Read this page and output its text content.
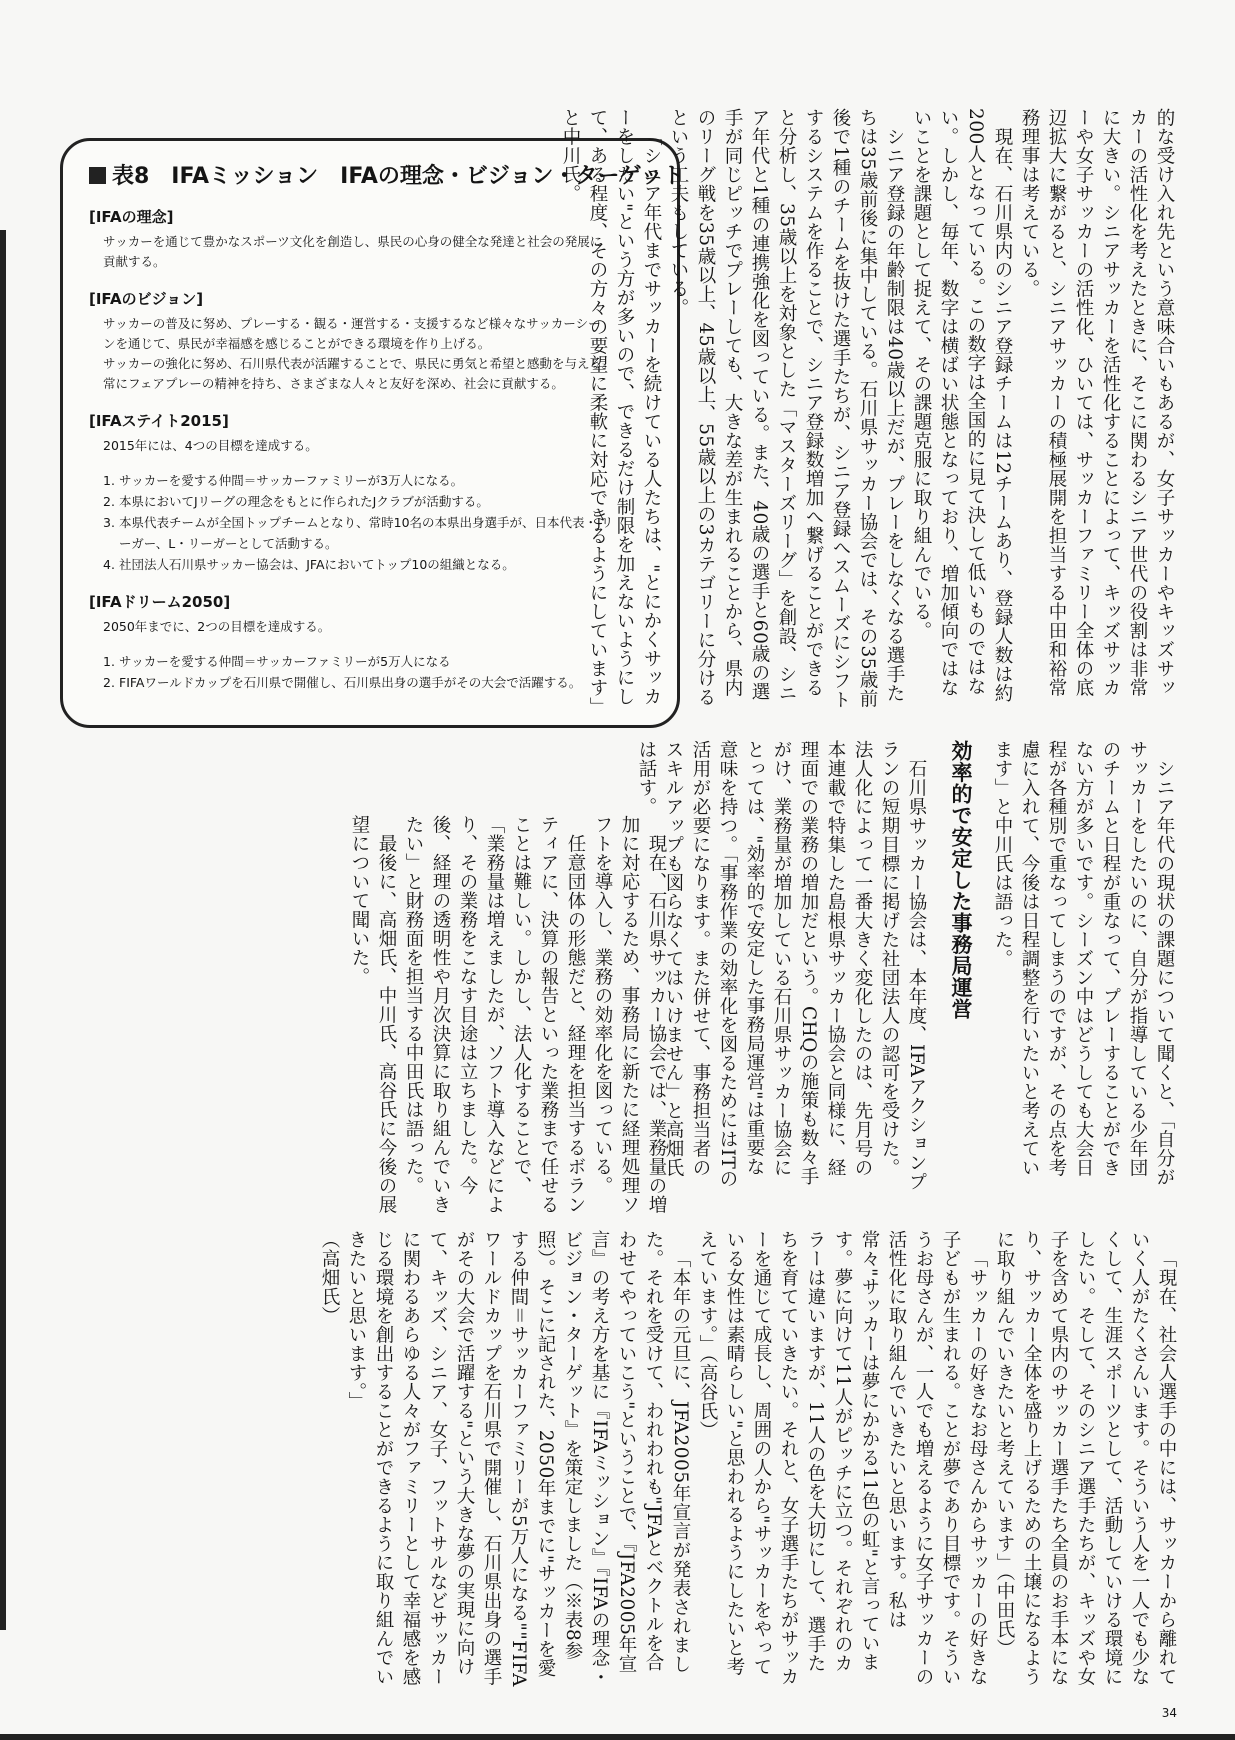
表8　IFAミッション　IFAの理念・ビジョン・ターゲット
[IFAの理念]
サッカーを通じて豊かなスポーツ文化を創造し、県民の心身の健全な発達と社会の発展に
貢献する。
[IFAのビジョン]
サッカーの普及に努め、プレーする・観る・運営する・支援するなど様々なサッカーシー
ンを通じて、県民が幸福感を感じることができる環境を作り上げる。
サッカーの強化に努め、石川県代表が活躍することで、県民に勇気と希望と感動を与える。
常にフェアプレーの精神を持ち、さまざまな人々と友好を深め、社会に貢献する。
[IFAステイト2015]
2015年には、4つの目標を達成する。
1. サッカーを愛する仲間＝サッカーファミリーが3万人になる。
2. 本県においてJリーグの理念をもとに作られたJクラブが活動する。
3. 本県代表チームが全国トップチームとなり、常時10名の本県出身選手が、日本代表・Jリ
ーガー、L・リーガーとして活動する。
4. 社団法人石川県サッカー協会は、JFAにおいてトップ10の組織となる。
[IFAドリーム2050]
2050年までに、2つの目標を達成する。
1. サッカーを愛する仲間＝サッカーファミリーが5万人になる
2. FIFAワールドカップを石川県で開催し、石川県出身の選手がその大会で活躍する。	的な受け入れ先という意味合いもあるが、女子サッカーやキッズサッカーの活性化を考えたときに、そこに関わるシニア世代の役割は非常に大きい。シニアサッカーを活性化することによって、キッズサッカーや女子サッカーの活性化、ひいては、サッカーファミリー全体の底辺拡大に繋がると、シニアサッカーの積極展開を担当する中田和裕常務理事は考えている。

現在、石川県内のシニア登録チームは12チームあり、登録人数は約200人となっている。この数字は全国的に見て決して低いものではない。しかし、毎年、数字は横ばい状態となっており、増加傾向ではないことを課題として捉えて、その課題克服に取り組んでいる。

シニア登録の年齢制限は40歳以上だが、プレーをしなくなる選手たちは35歳前後に集中している。石川県サッカー協会では、その35歳前後で1種のチームを抜けた選手たちが、シニア登録へスムーズにシフトするシステムを作ることで、シニア登録数増加へ繋げることができると分析し、35歳以上を対象とした「マスターズリーグ」を創設、シニア年代と1種の連携強化を図っている。また、40歳の選手と60歳の選手が同じピッチでプレーしても、大きな差が生まれることから、県内のリーグ戦を35歳以上、45歳以上、55歳以上の3カテゴリーに分けるという工夫もしている。

「シニア年代までサッカーを続けている人たちは、"とにかくサッカーをしたい"という方が多いので、できるだけ制限を加えないようにして、ある程度、その方々の要望に柔軟に対応できるようにしています」と中川氏。

シニア年代の現状の課題について聞くと、「自分がサッカーをしたいのに、自分が指導している少年団のチームと日程が重なって、プレーすることができない方が多いです。シーズン中はどうしても大会日程が各種別で重なってしまうのですが、その点を考慮に入れて、今後は日程調整を行いたいと考えています」と中川氏は語った。

効率的で安定した事務局運営

石川県サッカー協会は、本年度、IFAアクションプランの短期目標に掲げた社団法人の認可を受けた。法人化によって一番大きく変化したのは、先月号の本連載で特集した島根県サッカー協会と同様に、経理面での業務の増加だという。CHQの施策も数々手がけ、業務量が増加している石川県サッカー協会にとっては、"効率的で安定した事務局運営"は重要な意味を持つ。「事務作業の効率化を図るためにはITの活用が必要になります。また併せて、事務担当者のスキルアップも図らなくてはいけません」と高畑氏は話す。

現在、石川県サッカー協会では、業務量の増加に対応するため、事務局に新たに経理処理ソフトを導入し、業務の効率化を図っている。

任意団体の形態だと、経理を担当するボランティアに、決算の報告といった業務まで任せることは難しい。しかし、法人化することで、「業務量は増えましたが、ソフト導入などにより、その業務をこなす目途は立ちました。今後、経理の透明性や月次決算に取り組んでいきたい」と財務面を担当する中田氏は語った。

最後に、高畑氏、中川氏、高谷氏に今後の展望について聞いた。

「現在、社会人選手の中には、サッカーから離れていく人がたくさんいます。そういう人を一人でも少なくして、生涯スポーツとして、活動していける環境にしたい。そして、そのシニア選手たちが、キッズや女子を含めて県内のサッカー選手たち全員のお手本になり、サッカー全体を盛り上げるための土壌になるように取り組んでいきたいと考えています」（中田氏）

「サッカーの好きなお母さんからサッカーの好きな子どもが生まれる。ことが夢であり目標です。そういうお母さんが、一人でも増えるように女子サッカーの活性化に取り組んでいきたいと思います。私は常々"サッカーは夢にかかる11色の虹"と言っています。夢に向けて11人がピッチに立つ。それぞれのカラーは違いますが、11人の色を大切にして、選手たちを育てていきたい。それと、女子選手たちがサッカーを通じて成長し、周囲の人から"サッカーをやっている女性は素晴らしい"と思われるようにしたいと考えています。」（高谷氏）

「本年の元旦に、JFA2005年宣言が発表されました。それを受けて、われわれも"JFAとベクトルを合わせてやっていこう"ということで、『JFA2005年宣言』の考え方を基に『IFAミッション』『IFAの理念・ビジョン・ターゲット』を策定しました（※表8参照）。そこに記された、2050年までに"サッカーを愛する仲間＝サッカーファミリーが5万人になる""FIFAワールドカップを石川県で開催し、石川県出身の選手がその大会で活躍する"という大きな夢の実現に向けて、キッズ、シニア、女子、フットサルなどサッカーに関わるあらゆる人々がファミリーとして幸福感を感じる環境を創出することができるように取り組んでいきたいと思います。」

（高畑氏）

34
